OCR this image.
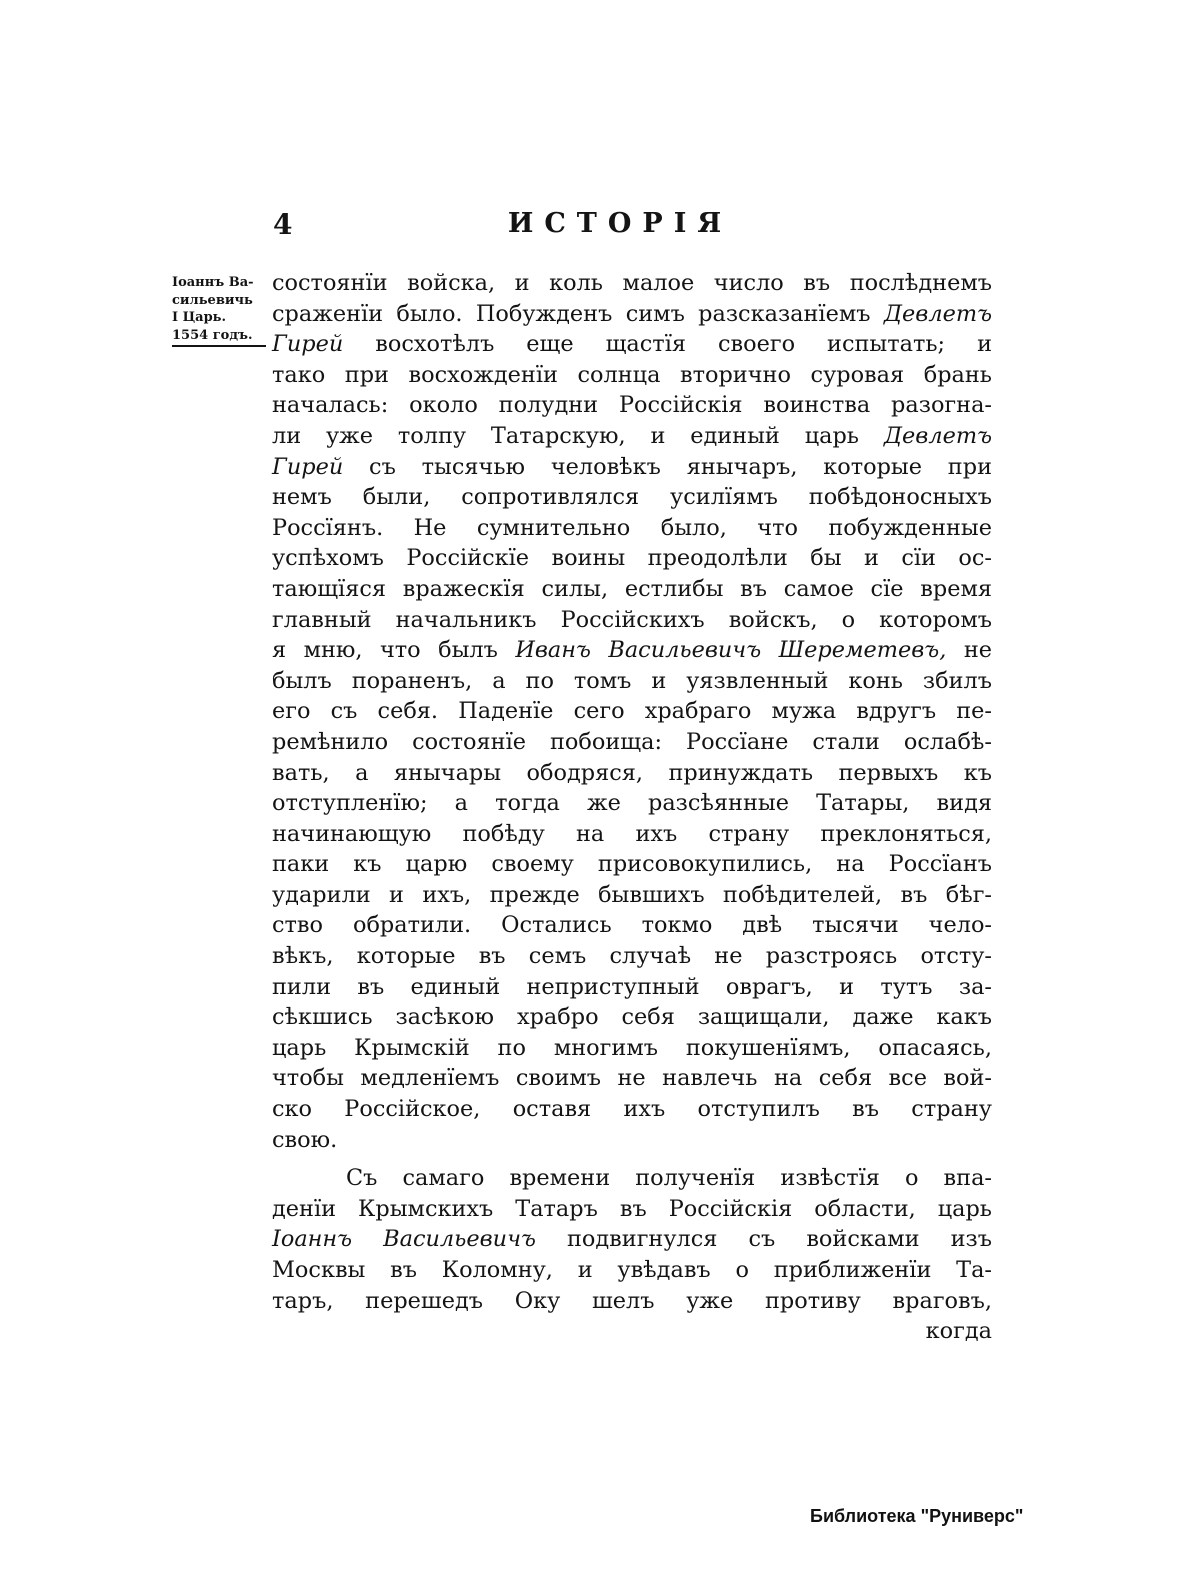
4	ИСТОРІЯ
Іоаннъ Ва-
сильевичь
І Царь.
1554 годъ.
состоянїи войска, и коль малое число въ послѣднемъ
сраженїи было. Побужденъ симъ разсказанїемъ Девлетъ
Гирей восхотѣлъ еще щастїя своего испытать; и
тако при восхожденїи солнца вторично суровая брань
началась: около полудни Россійскія воинства разогна-
ли уже толпу Татарскую, и единый царь Девлетъ
Гирей съ тысячью человѣкъ янычаръ, которые при
немъ были, сопротивлялся усилїямъ побѣдоносныхъ
Россїянъ. Не сумнительно было, что побужденные
успѣхомъ Россійскїе воины преодолѣли бы и сїи ос-
тающїяся вражескїя силы, естлибы въ самое сїе время
главный начальникъ Россійскихъ войскъ, о которомъ
я мню, что былъ Иванъ Васильевичъ Шереметевъ, не
былъ пораненъ, а по томъ и уязвленный конь збилъ
его съ себя. Паденїе сего храбраго мужа вдругъ пе-
ремѣнило состоянїе побоища: Россїане стали ослабѣ-
вать, а янычары ободряся, принуждать первыхъ къ
отступленїю; а тогда же разсѣянные Татары, видя
начинающую побѣду на ихъ страну преклоняться,
паки къ царю своему присовокупились, на Россїанъ
ударили и ихъ, прежде бывшихъ побѣдителей, въ бѣг-
ство обратили. Остались токмо двѣ тысячи чело-
вѣкъ, которые въ семъ случаѣ не разстроясь отсту-
пили въ единый неприступный оврагъ, и тутъ за-
сѣкшись засѣкою храбро себя защищали, даже какъ
царь Крымскій по многимъ покушенїямъ, опасаясь,
чтобы медленїемъ своимъ не навлечь на себя все вой-
ско Россійское, оставя ихъ отступилъ въ страну
свою.
Съ самаго времени полученїя извѣстїя о впа-
денїи Крымскихъ Татаръ въ Россійскія области, царь
Іоаннъ Васильевичъ подвигнулся съ войсками изъ
Москвы въ Коломну, и увѣдавъ о приближенїи Та-
таръ, перешедъ Оку шелъ уже противу враговъ,
когда
Библиотека "Руниверс"
